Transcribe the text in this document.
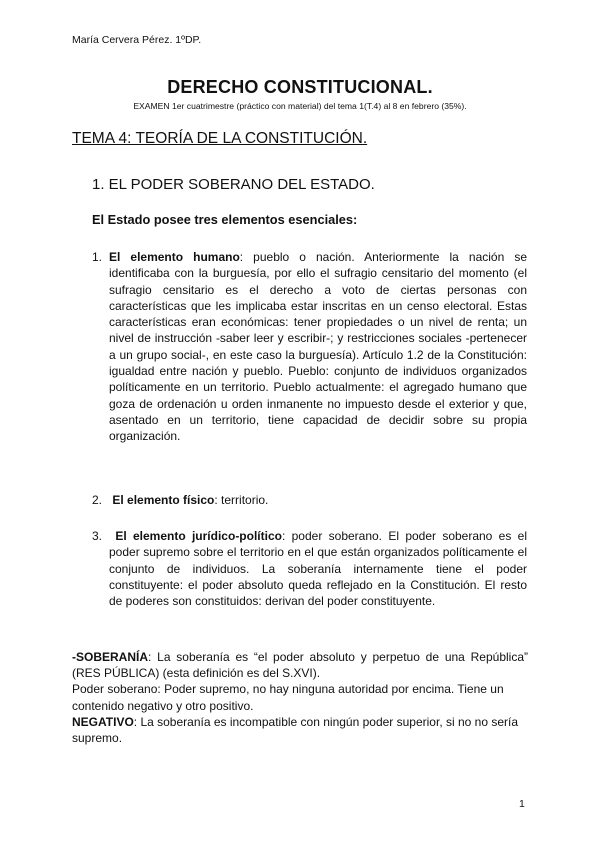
María Cervera Pérez. 1ºDP.
DERECHO CONSTITUCIONAL.
EXAMEN 1er cuatrimestre (práctico con material) del tema 1(T.4) al 8 en febrero (35%).
TEMA 4: TEORÍA DE LA CONSTITUCIÓN.
1. EL PODER SOBERANO DEL ESTADO.
El Estado posee tres elementos esenciales:
1. El elemento humano: pueblo o nación. Anteriormente la nación se identificaba con la burguesía, por ello el sufragio censitario del momento (el sufragio censitario es el derecho a voto de ciertas personas con características que les implicaba estar inscritas en un censo electoral. Estas características eran económicas: tener propiedades o un nivel de renta; un nivel de instrucción -saber leer y escribir-; y restricciones sociales -pertenecer a un grupo social-, en este caso la burguesía). Artículo 1.2 de la Constitución: igualdad entre nación y pueblo. Pueblo: conjunto de individuos organizados políticamente en un territorio. Pueblo actualmente: el agregado humano que goza de ordenación u orden inmanente no impuesto desde el exterior y que, asentado en un territorio, tiene capacidad de decidir sobre su propia organización.
2. El elemento físico: territorio.
3.	El elemento jurídico-político: poder soberano. El poder soberano es el poder supremo sobre el territorio en el que están organizados políticamente el conjunto de individuos. La soberanía internamente tiene el poder constituyente: el poder absoluto queda reflejado en la Constitución. El resto de poderes son constituidos: derivan del poder constituyente.

-SOBERANÍA: La soberanía es “el poder absoluto y perpetuo de una República” (RES PÚBLICA) (esta definición es del S.XVI).

Poder soberano: Poder supremo, no hay ninguna autoridad por encima. Tiene un contenido negativo y otro positivo.

NEGATIVO: La soberanía es incompatible con ningún poder superior, si no no sería supremo.

1
